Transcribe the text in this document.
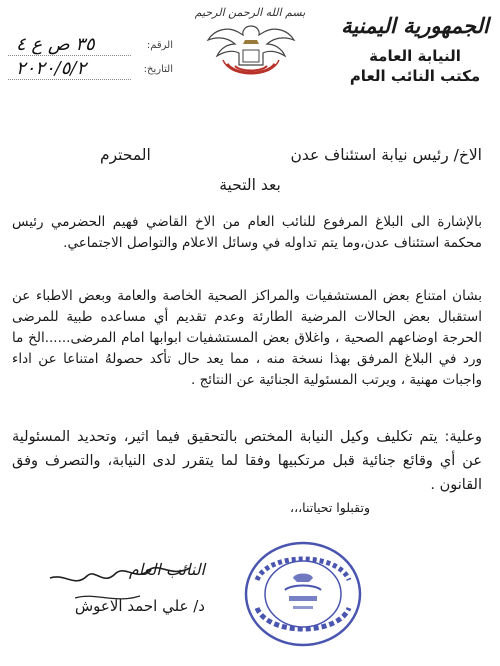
الجمهورية اليمنية
النيابة العامة
مكتب النائب العام
بسم الله الرحمن الرحيم
الرقم:
٣٥ ص ع ٤
التاريخ:
٢٠٢٠/٥/٢
الاخ/ رئيس نيابة استئناف عدن
المحترم
بعد التحية
بالإشارة الى البلاغ المرفوع للنائب العام من الاخ القاضي فهيم الحضرمي رئيس محكمة استئناف عدن،وما يتم تداوله في وسائل الاعلام والتواصل الاجتماعي.
بشان امتناع بعض المستشفيات والمراكز الصحية الخاصة والعامة وبعض الاطباء عن استقبال بعض الحالات المرضية الطارئة وعدم تقديم أي مساعده طبية للمرضى الحرجة اوضاعهم الصحية ، واغلاق بعض المستشفيات ابوابها امام المرضى......الخ ما ورد في البلاغ المرفق بهذا نسخة منه ، مما يعد حال تأكد حصولهُ امتناعا عن اداء واجبات مهنية ، ويرتب المسئولية الجنائية عن النتائج .
وعلية: يتم تكليف وكيل النيابة المختص بالتحقيق فيما اثير، وتحديد المسئولية عن أي وقائع جنائية قبل مرتكبيها وفقا لما يتقرر لدى النيابة، والتصرف وفق القانون .
وتقبلوا تحياتنا،،،
النائب العام
د/ علي احمد الاعوش
